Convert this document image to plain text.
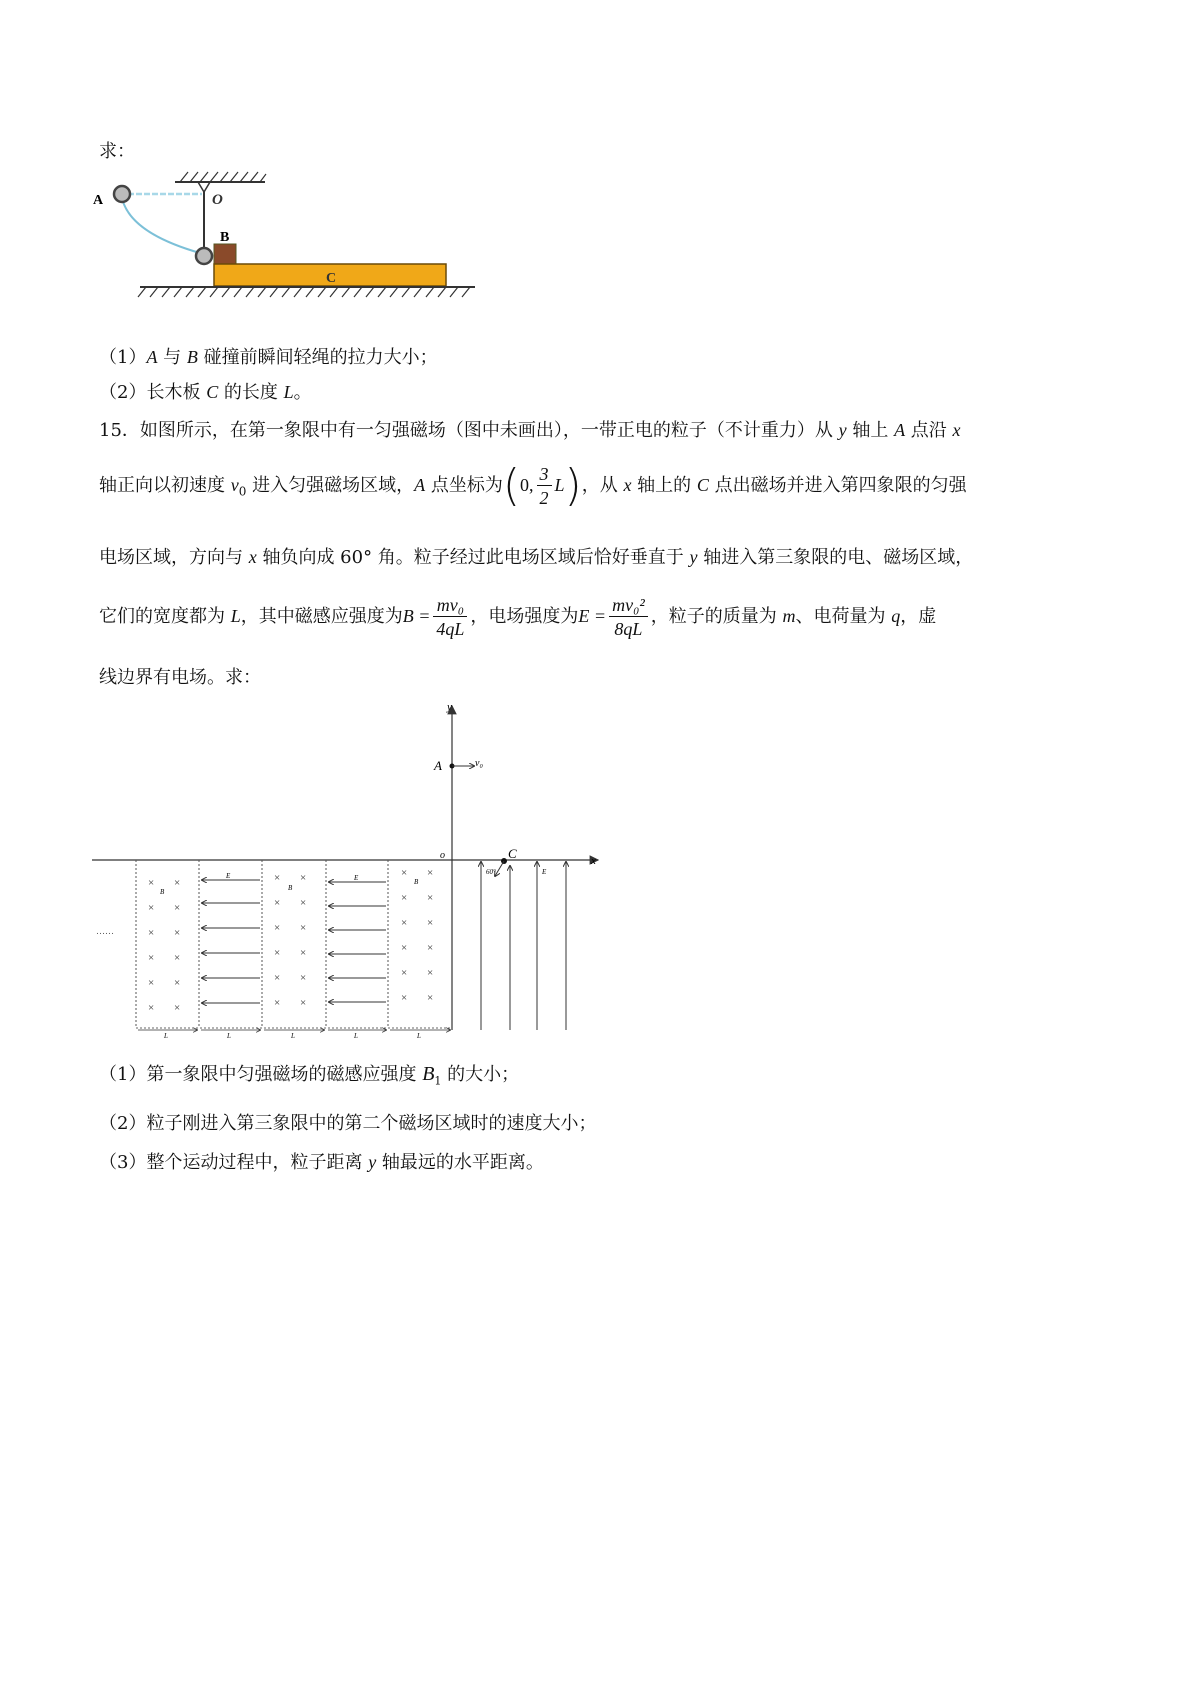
求：
A	O
B
C
（1）A 与 B 碰撞前瞬间轻绳的拉力大小；
（2）长木板 C 的长度 L。
15．如图所示，在第一象限中有一匀强磁场（图中未画出），一带正电的粒子（不计重力）从 y 轴上 A 点沿 x
轴正向以初速度 $v_0$ 进入匀强磁场区域，A 点坐标为(0, $\frac{3}{2} L$)，从 x 轴上的 C 点出磁场并进入第四象限的匀强
电场区域，方向与 x 轴负向成 60° 角。粒子经过此电场区域后恰好垂直于 y 轴进入第三象限的电、磁场区域，
它们的宽度都为 L，其中磁感应强度为$B = \frac{\text{mv₀}}{4qL}$ ，电场强度为$E = \frac{\text{mv₀²}}{8qL}$ ，粒子的质量为 m、电荷量为 q，虚
线边界有电场。求：
y
x
o
A	v₀
C
60°	E
× ×
× ×
× ×
× ×
× ×
× ×
× ×
× ×
× ×
× ×
× ×
× ×
× ×
× ×
× ×
× ×
× ×
× ×
B	B
B
E	E
……
L	L	L	L	L
（1）第一象限中匀强磁场的磁感应强度 $B_1$ 的大小；
（2）粒子刚进入第三象限中的第二个磁场区域时的速度大小；
（3）整个运动过程中，粒子距离 y 轴最远的水平距离。
